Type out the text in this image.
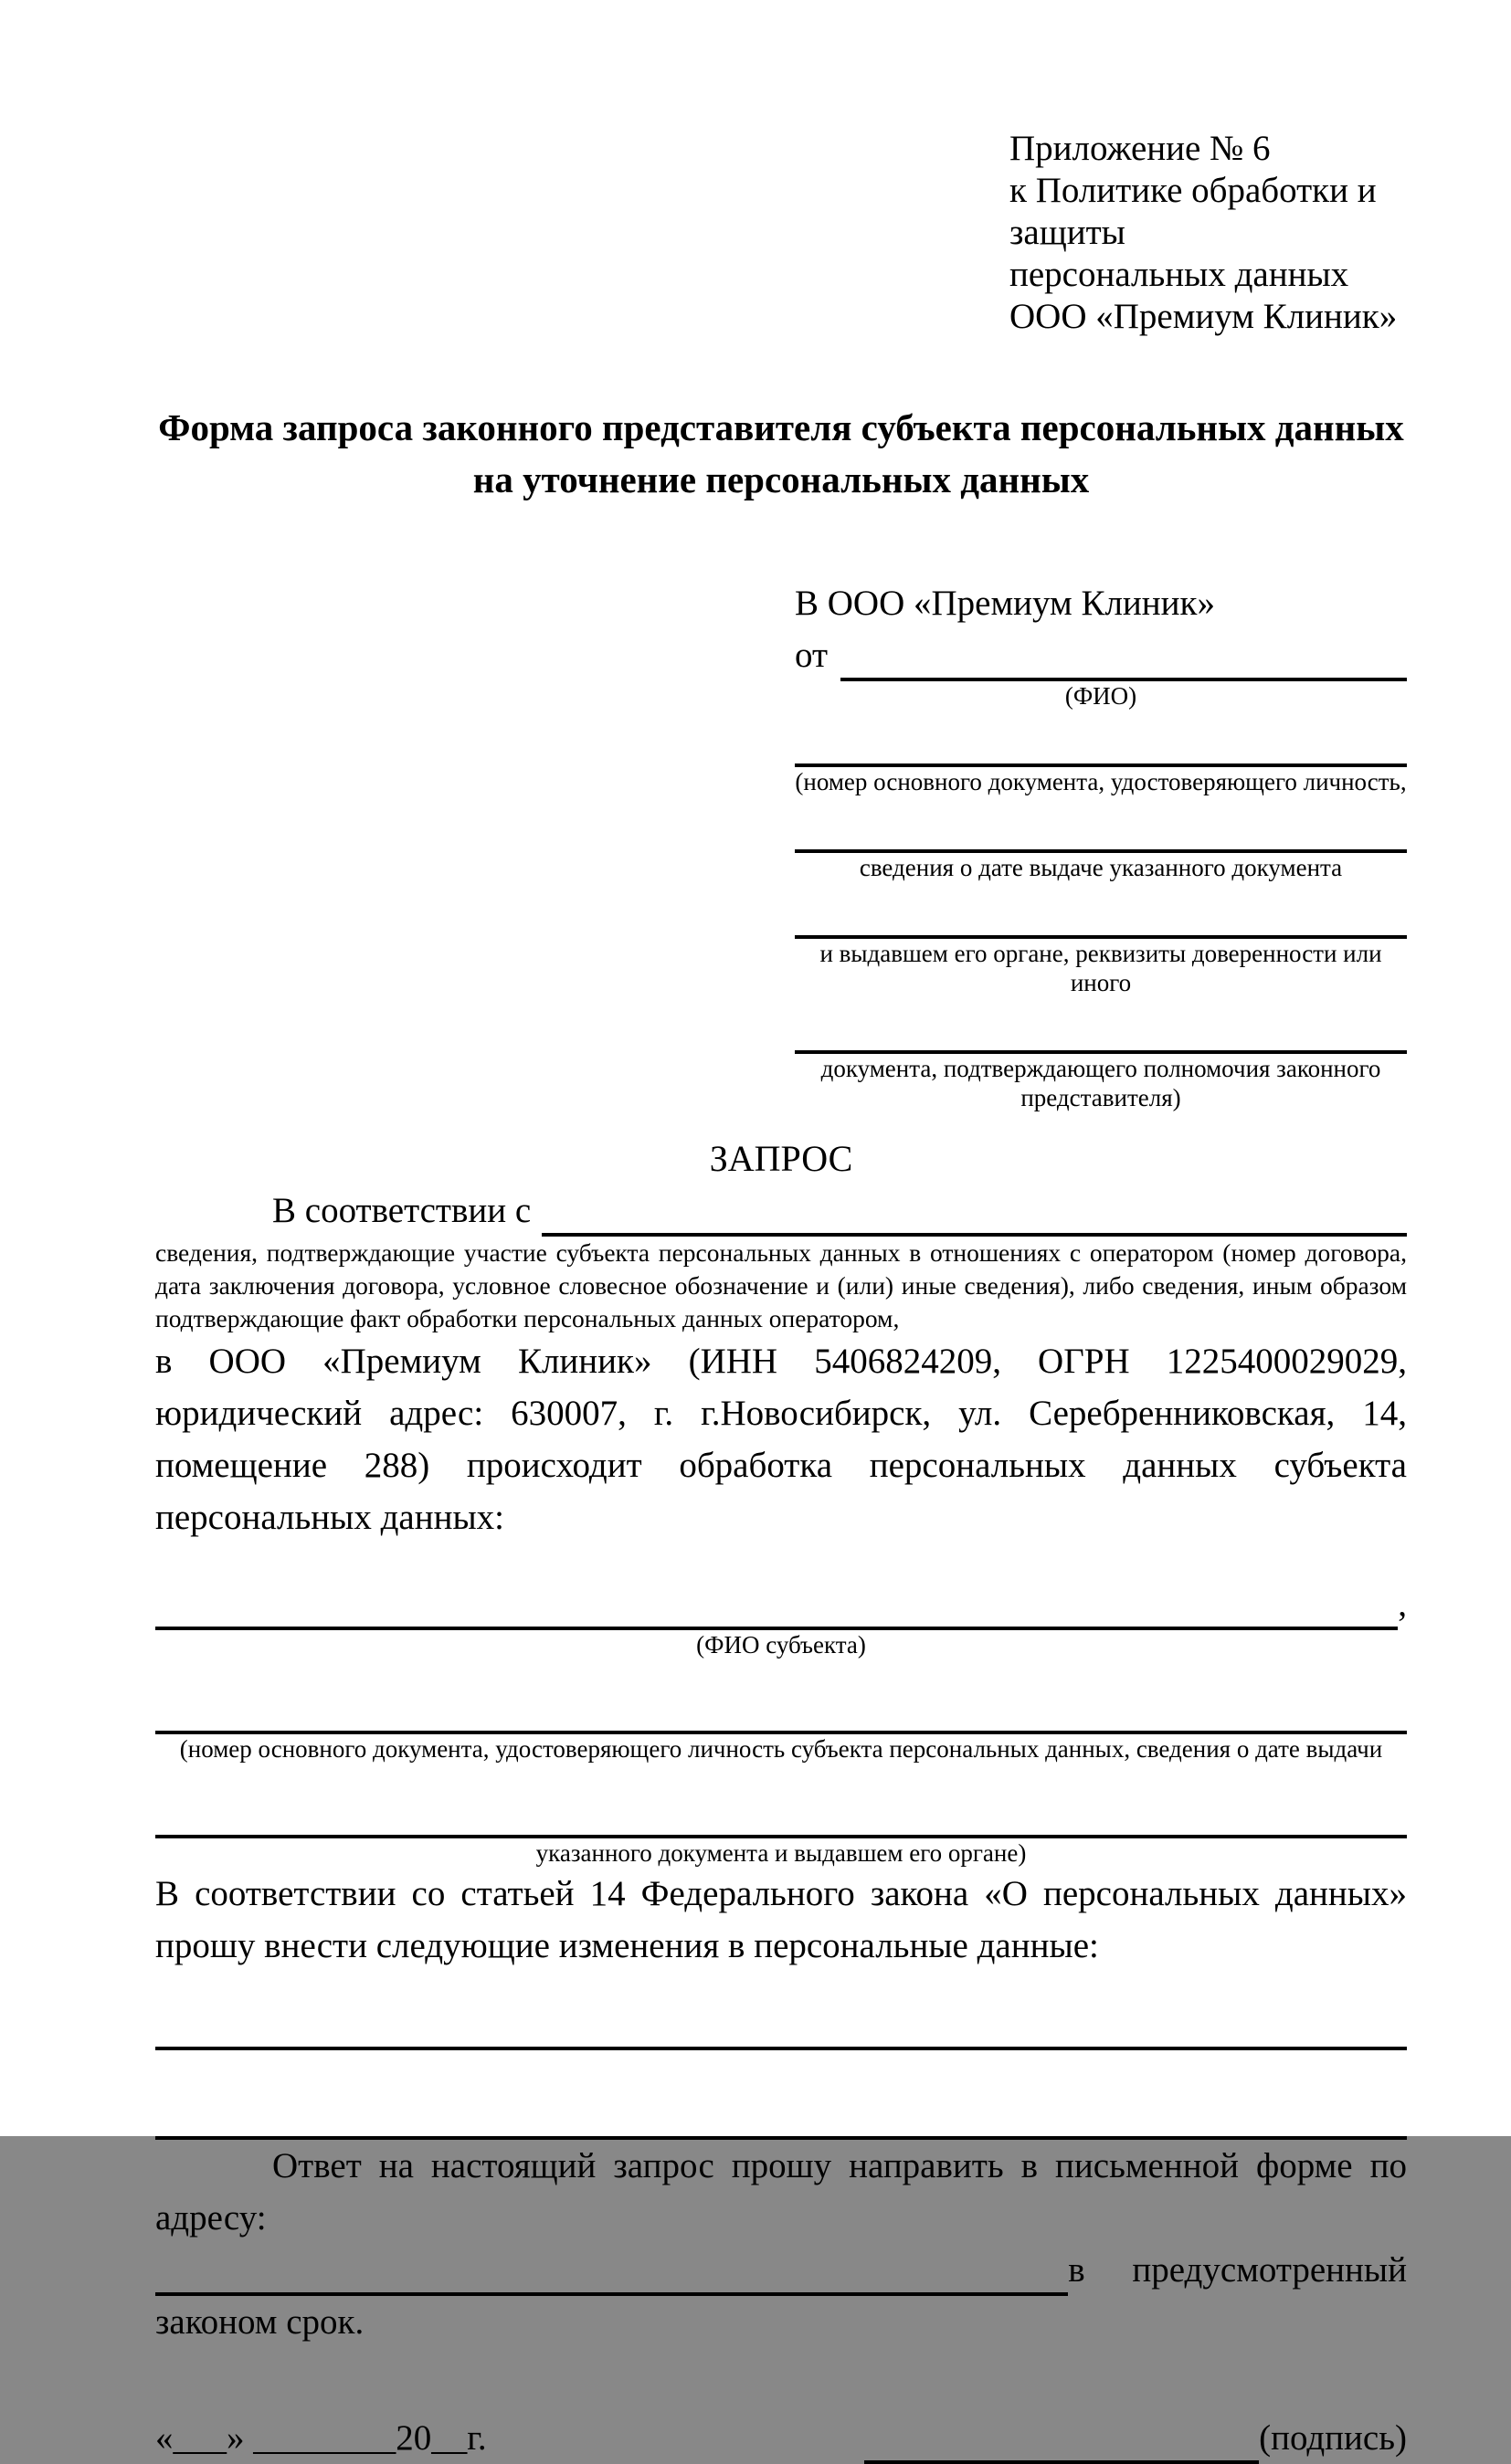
Приложение № 6
к Политике обработки и защиты
персональных данных
ООО «Премиум Клиник»
Форма запроса законного представителя субъекта персональных данных на уточнение персональных данных
В ООО «Премиум Клиник»
от
(ФИО)
(номер основного документа, удостоверяющего личность,
сведения о дате выдаче указанного документа
и выдавшем его органе, реквизиты доверенности или иного
документа, подтверждающего полномочия законного представителя)
ЗАПРОС
В соответствии с
сведения, подтверждающие участие субъекта персональных данных в отношениях с оператором (номер договора, дата заключения договора, условное словесное обозначение и (или) иные сведения), либо сведения, иным образом подтверждающие факт обработки персональных данных оператором,

в ООО «Премиум Клиник» (ИНН 5406824209, ОГРН 1225400029029, юридический адрес: 630007, г. г.Новосибирск, ул. Серебренниковская, 14, помещение 288) происходит обработка персональных данных субъекта персональных данных:

,
(ФИО субъекта)
(номер основного документа, удостоверяющего личность субъекта персональных данных, сведения о дате выдачи
указанного документа и выдавшем его органе)

В соответствии со статьей 14 Федерального закона «О персональных данных» прошу внести следующие изменения в персональные данные:

Ответ на настоящий запрос прошу направить в письменной форме по адресу:
в предусмотренный
законом срок.
«___» ________20__г.	(подпись)
